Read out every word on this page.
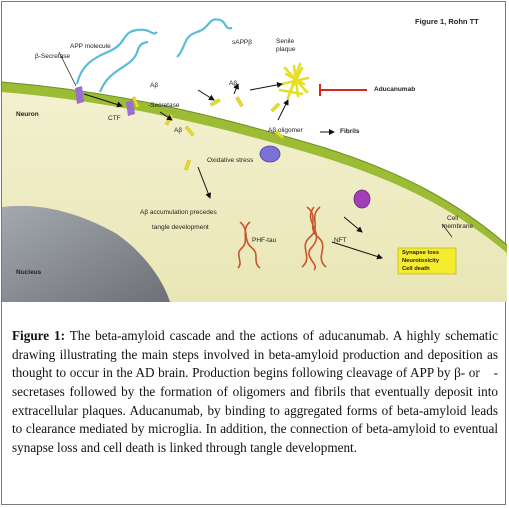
Figure 1, Rohn TT
APP molecule
β-Secretase
sAPPβ	Senile
plaque
Aβ	Aβ
Aβ
-Secretase
CTF
Neuron
Aducanumab
Aβ oligomer	Fibrils
Oxidative stress
Aβ accumulation precedes
tangle development
PHF-tau	NFT
Cell
membrane
Synapse loss
Neurotoxicity
Cell death
Nucleus

Figure 1: The beta-amyloid cascade and the actions of aducanumab. A highly schematic drawing illustrating the main steps involved in beta-amyloid production and deposition as thought to occur in the AD brain. Production begins following cleavage of APP by β- or  -secretases followed by the formation of oligomers and fibrils that eventually deposit into extracellular plaques. Aducanumab, by binding to aggregated forms of beta-amyloid leads to clearance mediated by microglia. In addition, the connection of beta-amyloid to eventual synapse loss and cell death is linked through tangle development.
